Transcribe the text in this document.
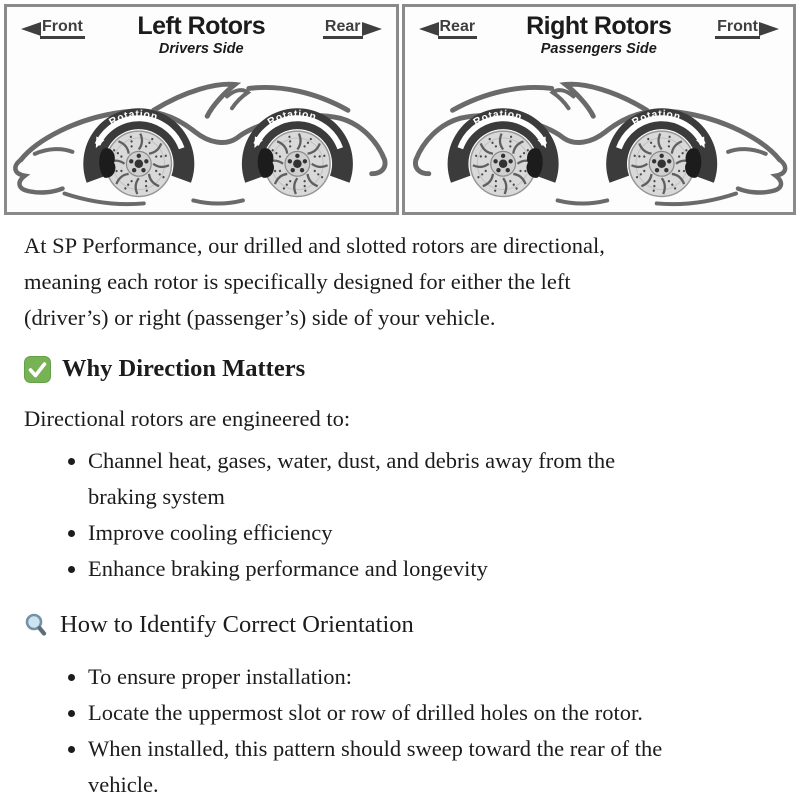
Front	Left Rotors
Drivers Side
Rear
Rotation	Rotation
Rear	Right Rotors
Passengers Side
Front
Rotation	Rotation
At SP Performance, our drilled and slotted rotors are directional,
meaning each rotor is specifically designed for either the left
(driver’s) or right (passenger’s) side of your vehicle.
Why Direction Matters
Directional rotors are engineered to:
• Channel heat, gases, water, dust, and debris away from the
braking system
• Improve cooling efficiency
• Enhance braking performance and longevity
How to Identify Correct Orientation
• To ensure proper installation:
• Locate the uppermost slot or row of drilled holes on the rotor.
• When installed, this pattern should sweep toward the rear of the
vehicle.
